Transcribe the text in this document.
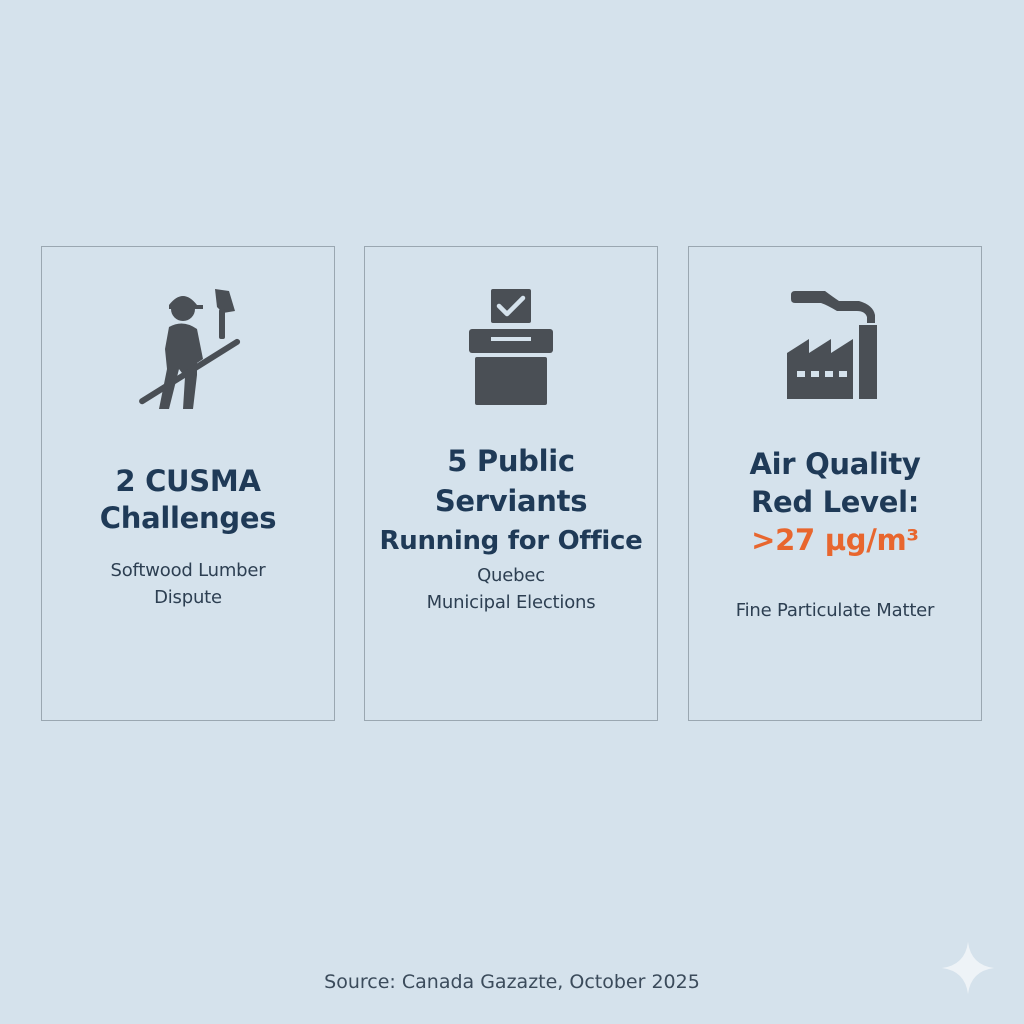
2 CUSMA
Challenges
Softwood Lumber
Dispute
5 Public
Serviants
Running for Office
Quebec
Municipal Elections
Air Quality
Red Level:
>27 µg/m³
Fine Particulate Matter
Source: Canada Gazazte, October 2025
